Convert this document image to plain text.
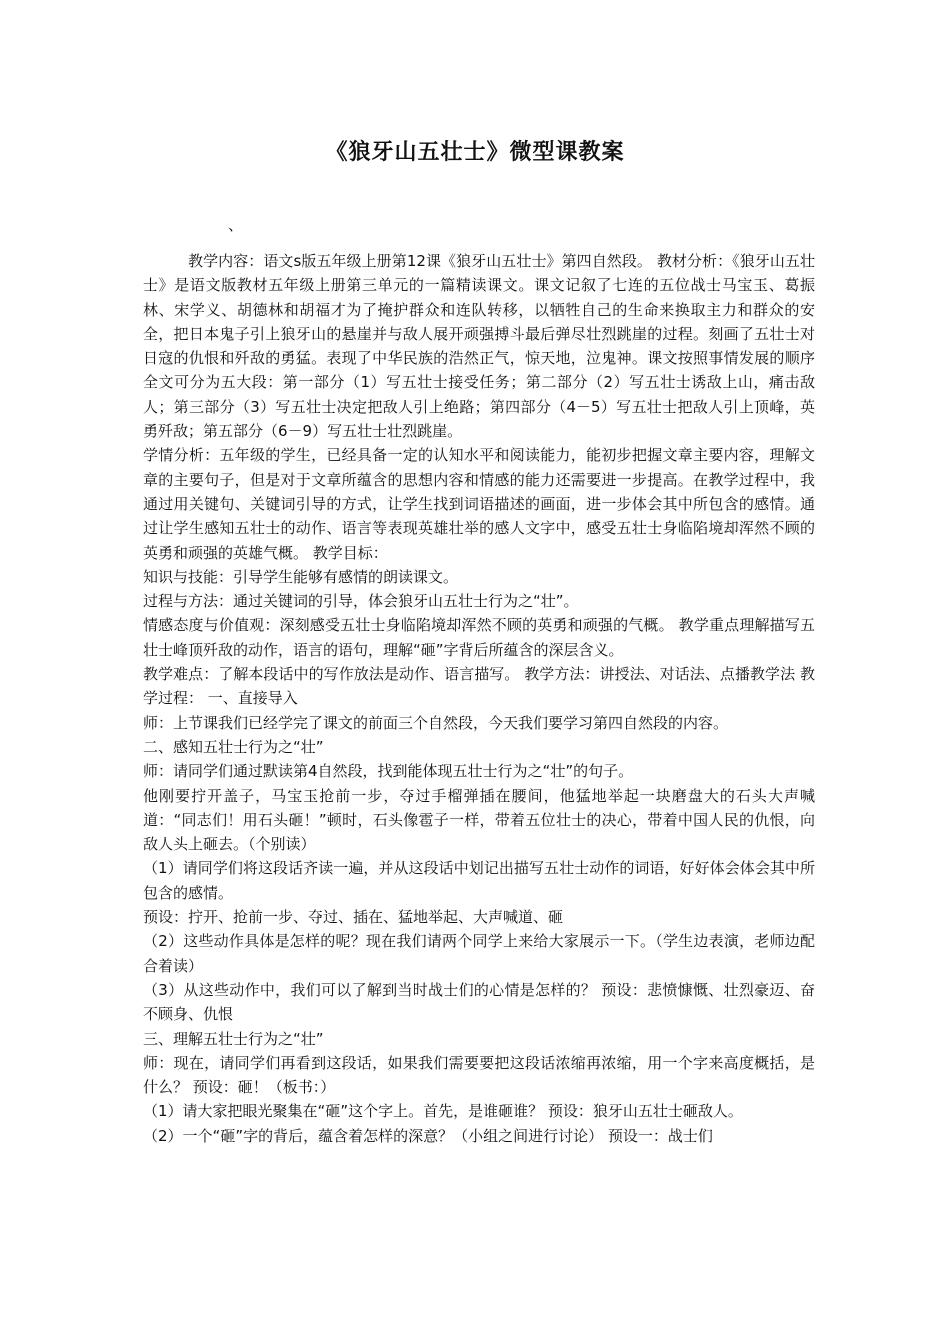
《狼牙山五壮士》微型课教案
、

教学内容：语文s版五年级上册第12课《狼牙山五壮士》第四自然段。 教材分析：《狼牙山五壮士》是语文版教材五年级上册第三单元的一篇精读课文。课文记叙了七连的五位战士马宝玉、葛振林、宋学义、胡德林和胡福才为了掩护群众和连队转移，以牺牲自己的生命来换取主力和群众的安全，把日本鬼子引上狼牙山的悬崖并与敌人展开顽强搏斗最后弹尽壮烈跳崖的过程。刻画了五壮士对日寇的仇恨和歼敌的勇猛。表现了中华民族的浩然正气，惊天地，泣鬼神。课文按照事情发展的顺序全文可分为五大段：第一部分（1）写五壮士接受任务；第二部分（2）写五壮士诱敌上山，痛击敌人；第三部分（3）写五壮士决定把敌人引上绝路；第四部分（4－5）写五壮士把敌人引上顶峰，英勇歼敌；第五部分（6－9）写五壮士壮烈跳崖。

学情分析：五年级的学生，已经具备一定的认知水平和阅读能力，能初步把握文章主要内容，理解文章的主要句子，但是对于文章所蕴含的思想内容和情感的能力还需要进一步提高。在教学过程中，我通过用关键句、关键词引导的方式，让学生找到词语描述的画面，进一步体会其中所包含的感情。通过让学生感知五壮士的动作、语言等表现英雄壮举的感人文字中，感受五壮士身临陷境却浑然不顾的英勇和顽强的英雄气概。 教学目标：

知识与技能：引导学生能够有感情的朗读课文。

过程与方法：通过关键词的引导，体会狼牙山五壮士行为之“壮”。

情感态度与价值观：深刻感受五壮士身临陷境却浑然不顾的英勇和顽强的气概。 教学重点理解描写五壮士峰顶歼敌的动作，语言的语句，理解“砸”字背后所蕴含的深层含义。

教学难点：了解本段话中的写作放法是动作、语言描写。 教学方法：讲授法、对话法、点播教学法 教学过程： 一、直接导入

师：上节课我们已经学完了课文的前面三个自然段，今天我们要学习第四自然段的内容。

二、感知五壮士行为之“壮”

师：请同学们通过默读第4自然段，找到能体现五壮士行为之“壮”的句子。

他刚要拧开盖子，马宝玉抢前一步，夺过手榴弹插在腰间，他猛地举起一块磨盘大的石头大声喊道：“同志们！用石头砸！”顿时，石头像雹子一样，带着五位壮士的决心，带着中国人民的仇恨，向敌人头上砸去。（个别读）

（1）请同学们将这段话齐读一遍，并从这段话中划记出描写五壮士动作的词语，好好体会体会其中所包含的感情。

预设：拧开、抢前一步、夺过、插在、猛地举起、大声喊道、砸

（2）这些动作具体是怎样的呢？现在我们请两个同学上来给大家展示一下。（学生边表演，老师边配合着读）

（3）从这些动作中，我们可以了解到当时战士们的心情是怎样的？ 预设：悲愤慷慨、壮烈豪迈、奋不顾身、仇恨

三、理解五壮士行为之“壮”

师：现在，请同学们再看到这段话，如果我们需要要把这段话浓缩再浓缩，用一个字来高度概括，是什么？ 预设：砸！（板书：）

（1）请大家把眼光聚集在“砸”这个字上。首先，是谁砸谁？ 预设：狼牙山五壮士砸敌人。

（2）一个“砸”字的背后，蕴含着怎样的深意？（小组之间进行讨论） 预设一：战士们
